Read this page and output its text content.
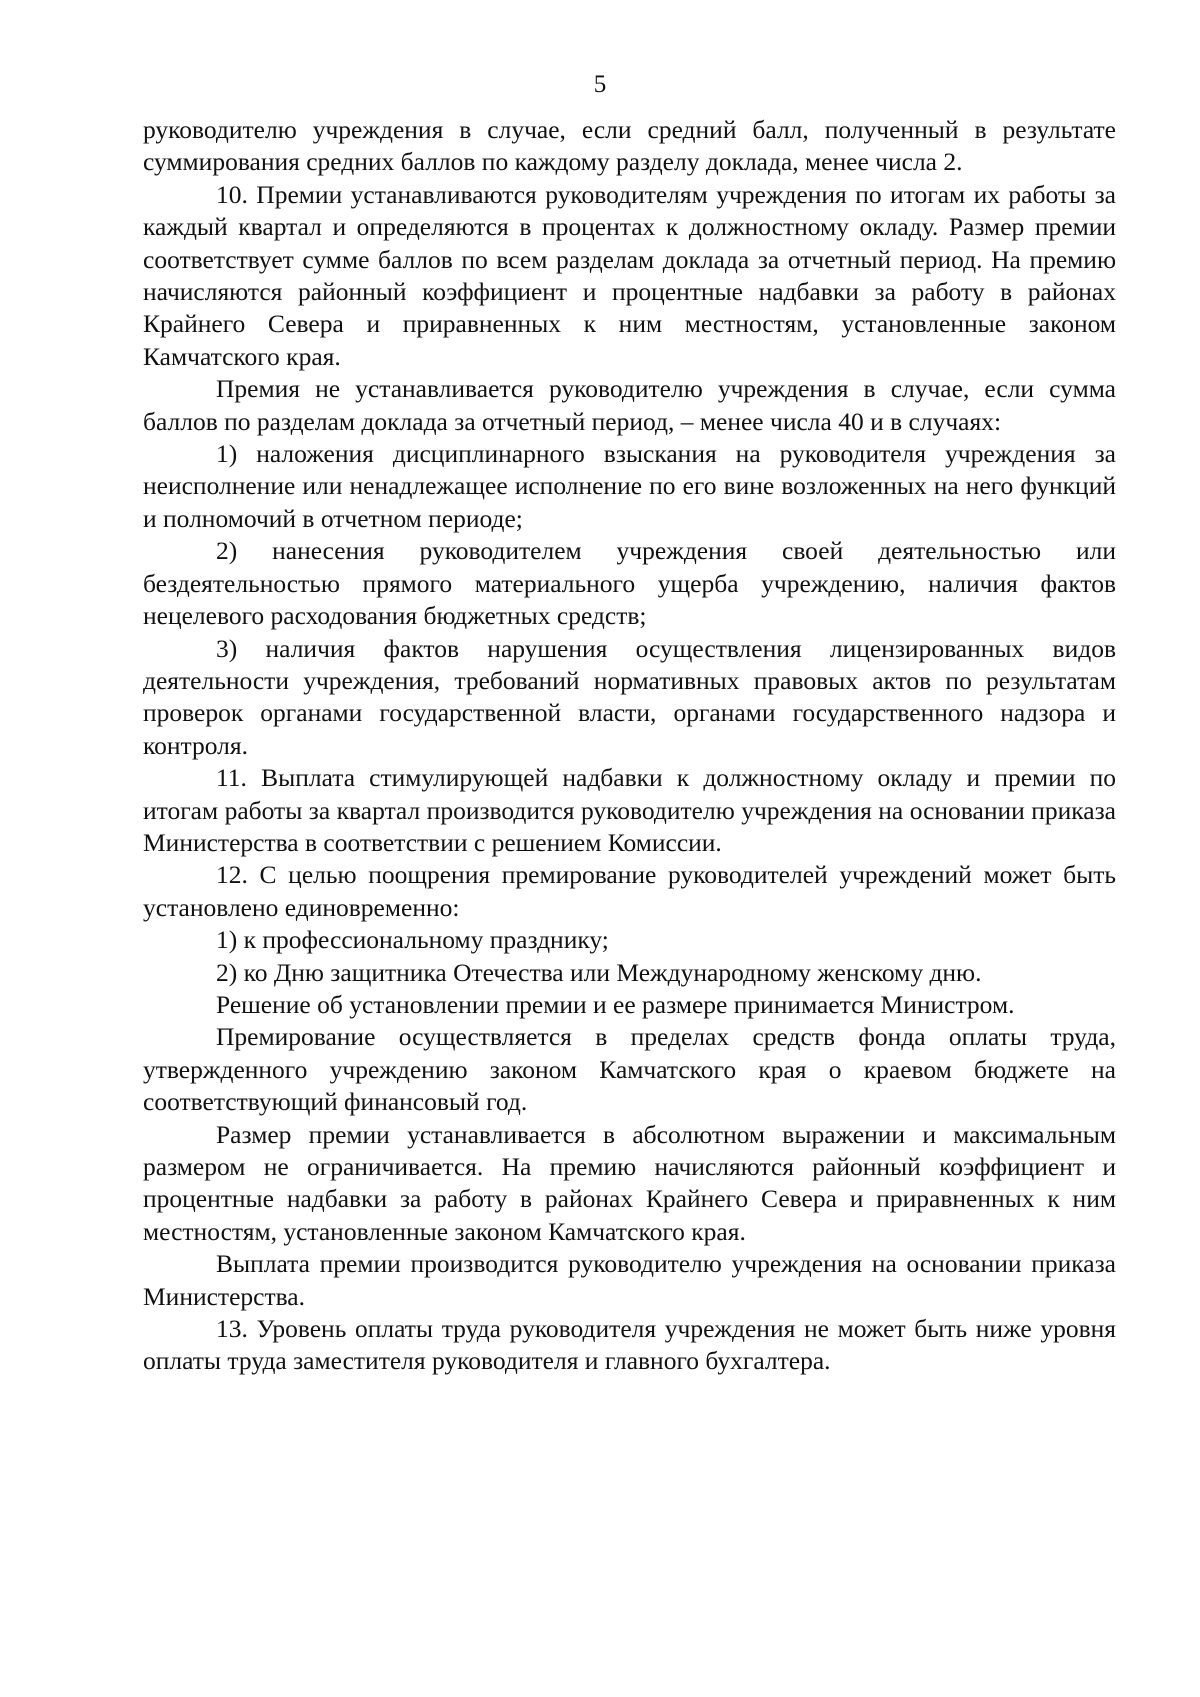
5

руководителю учреждения в случае, если средний балл, полученный в результате суммирования средних баллов по каждому разделу доклада, менее числа 2.

10. Премии устанавливаются руководителям учреждения по итогам их работы за каждый квартал и определяются в процентах к должностному окладу. Размер премии соответствует сумме баллов по всем разделам доклада за отчетный период. На премию начисляются районный коэффициент и процентные надбавки за работу в районах Крайнего Севера и приравненных к ним местностям, установленные законом Камчатского края.

Премия не устанавливается руководителю учреждения в случае, если сумма баллов по разделам доклада за отчетный период, – менее числа 40 и в случаях:

1) наложения дисциплинарного взыскания на руководителя учреждения за неисполнение или ненадлежащее исполнение по его вине возложенных на него функций и полномочий в отчетном периоде;

2) нанесения руководителем учреждения своей деятельностью или бездеятельностью прямого материального ущерба учреждению, наличия фактов нецелевого расходования бюджетных средств;

3) наличия фактов нарушения осуществления лицензированных видов деятельности учреждения, требований нормативных правовых актов по результатам проверок органами государственной власти, органами государственного надзора и контроля.

11. Выплата стимулирующей надбавки к должностному окладу и премии по итогам работы за квартал производится руководителю учреждения на основании приказа Министерства в соответствии с решением Комиссии.

12. С целью поощрения премирование руководителей учреждений может быть установлено единовременно:

1) к профессиональному празднику;

2) ко Дню защитника Отечества или Международному женскому дню.

Решение об установлении премии и ее размере принимается Министром.

Премирование осуществляется в пределах средств фонда оплаты труда, утвержденного учреждению законом Камчатского края о краевом бюджете на соответствующий финансовый год.

Размер премии устанавливается в абсолютном выражении и максимальным размером не ограничивается. На премию начисляются районный коэффициент и процентные надбавки за работу в районах Крайнего Севера и приравненных к ним местностям, установленные законом Камчатского края.

Выплата премии производится руководителю учреждения на основании приказа Министерства.

13. Уровень оплаты труда руководителя учреждения не может быть ниже уровня оплаты труда заместителя руководителя и главного бухгалтера.
